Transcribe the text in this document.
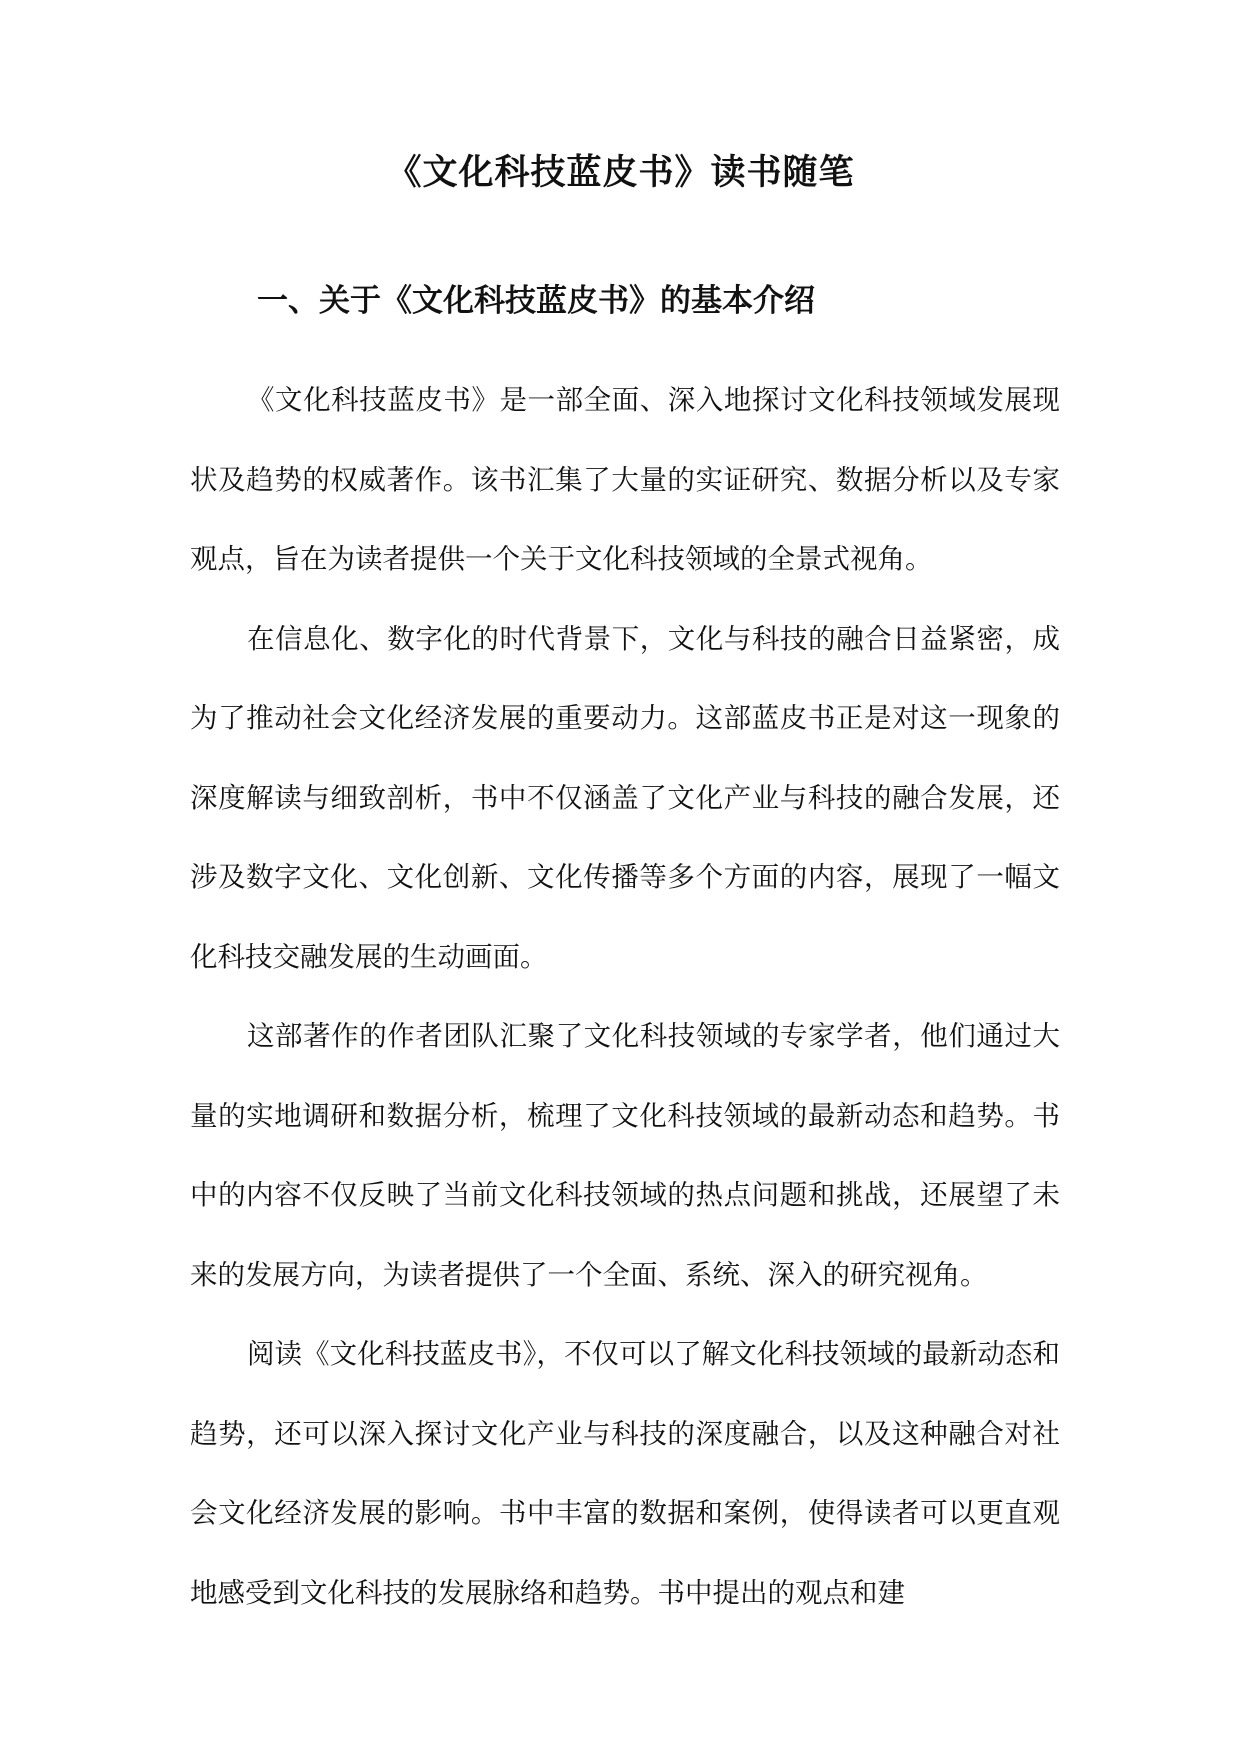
《文化科技蓝皮书》读书随笔
一、关于《文化科技蓝皮书》的基本介绍

《文化科技蓝皮书》是一部全面、深入地探讨文化科技领域发展现状及趋势的权威著作。该书汇集了大量的实证研究、数据分析以及专家观点，旨在为读者提供一个关于文化科技领域的全景式视角。

在信息化、数字化的时代背景下，文化与科技的融合日益紧密，成为了推动社会文化经济发展的重要动力。这部蓝皮书正是对这一现象的深度解读与细致剖析，书中不仅涵盖了文化产业与科技的融合发展，还涉及数字文化、文化创新、文化传播等多个方面的内容，展现了一幅文化科技交融发展的生动画面。

这部著作的作者团队汇聚了文化科技领域的专家学者，他们通过大量的实地调研和数据分析，梳理了文化科技领域的最新动态和趋势。书中的内容不仅反映了当前文化科技领域的热点问题和挑战，还展望了未来的发展方向，为读者提供了一个全面、系统、深入的研究视角。

阅读《文化科技蓝皮书》，不仅可以了解文化科技领域的最新动态和趋势，还可以深入探讨文化产业与科技的深度融合，以及这种融合对社会文化经济发展的影响。书中丰富的数据和案例，使得读者可以更直观地感受到文化科技的发展脉络和趋势。书中提出的观点和建
